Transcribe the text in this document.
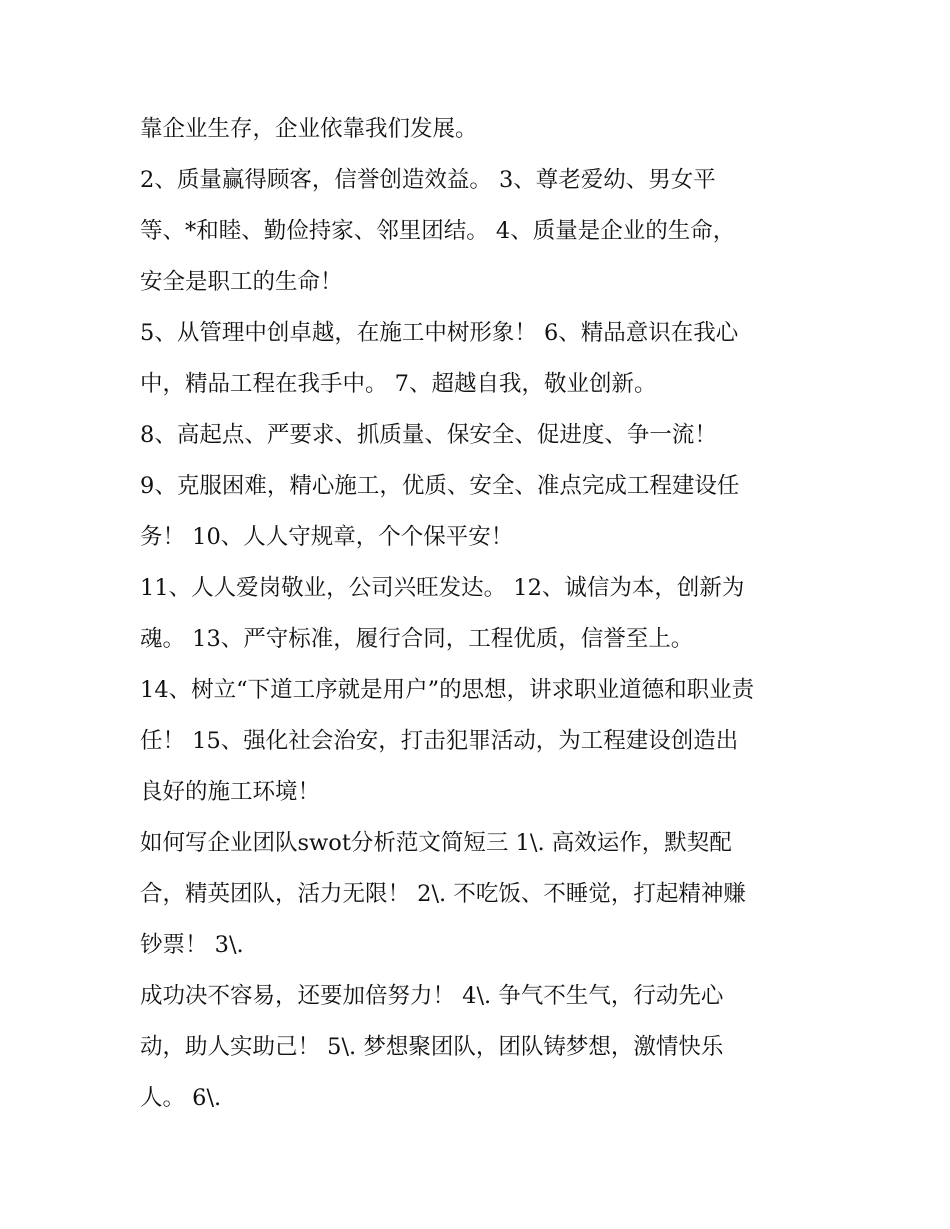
靠企业生存，企业依靠我们发展。
2、质量赢得顾客，信誉创造效益。 3、尊老爱幼、男女平
等、*和睦、勤俭持家、邻里团结。 4、质量是企业的生命，
安全是职工的生命！
5、从管理中创卓越，在施工中树形象！ 6、精品意识在我心
中，精品工程在我手中。 7、超越自我，敬业创新。
8、高起点、严要求、抓质量、保安全、促进度、争一流！
9、克服困难，精心施工，优质、安全、准点完成工程建设任
务！ 10、人人守规章，个个保平安！
11、人人爱岗敬业，公司兴旺发达。 12、诚信为本，创新为
魂。 13、严守标准，履行合同，工程优质，信誉至上。
14、树立“下道工序就是用户”的思想，讲求职业道德和职业责
任！ 15、强化社会治安，打击犯罪活动，为工程建设创造出
良好的施工环境！
如何写企业团队swot分析范文简短三 1\. 高效运作，默契配
合，精英团队，活力无限！ 2\. 不吃饭、不睡觉，打起精神赚
钞票！ 3\.
成功决不容易，还要加倍努力！ 4\. 争气不生气，行动先心
动，助人实助己！ 5\. 梦想聚团队，团队铸梦想，激情快乐
人。 6\.
